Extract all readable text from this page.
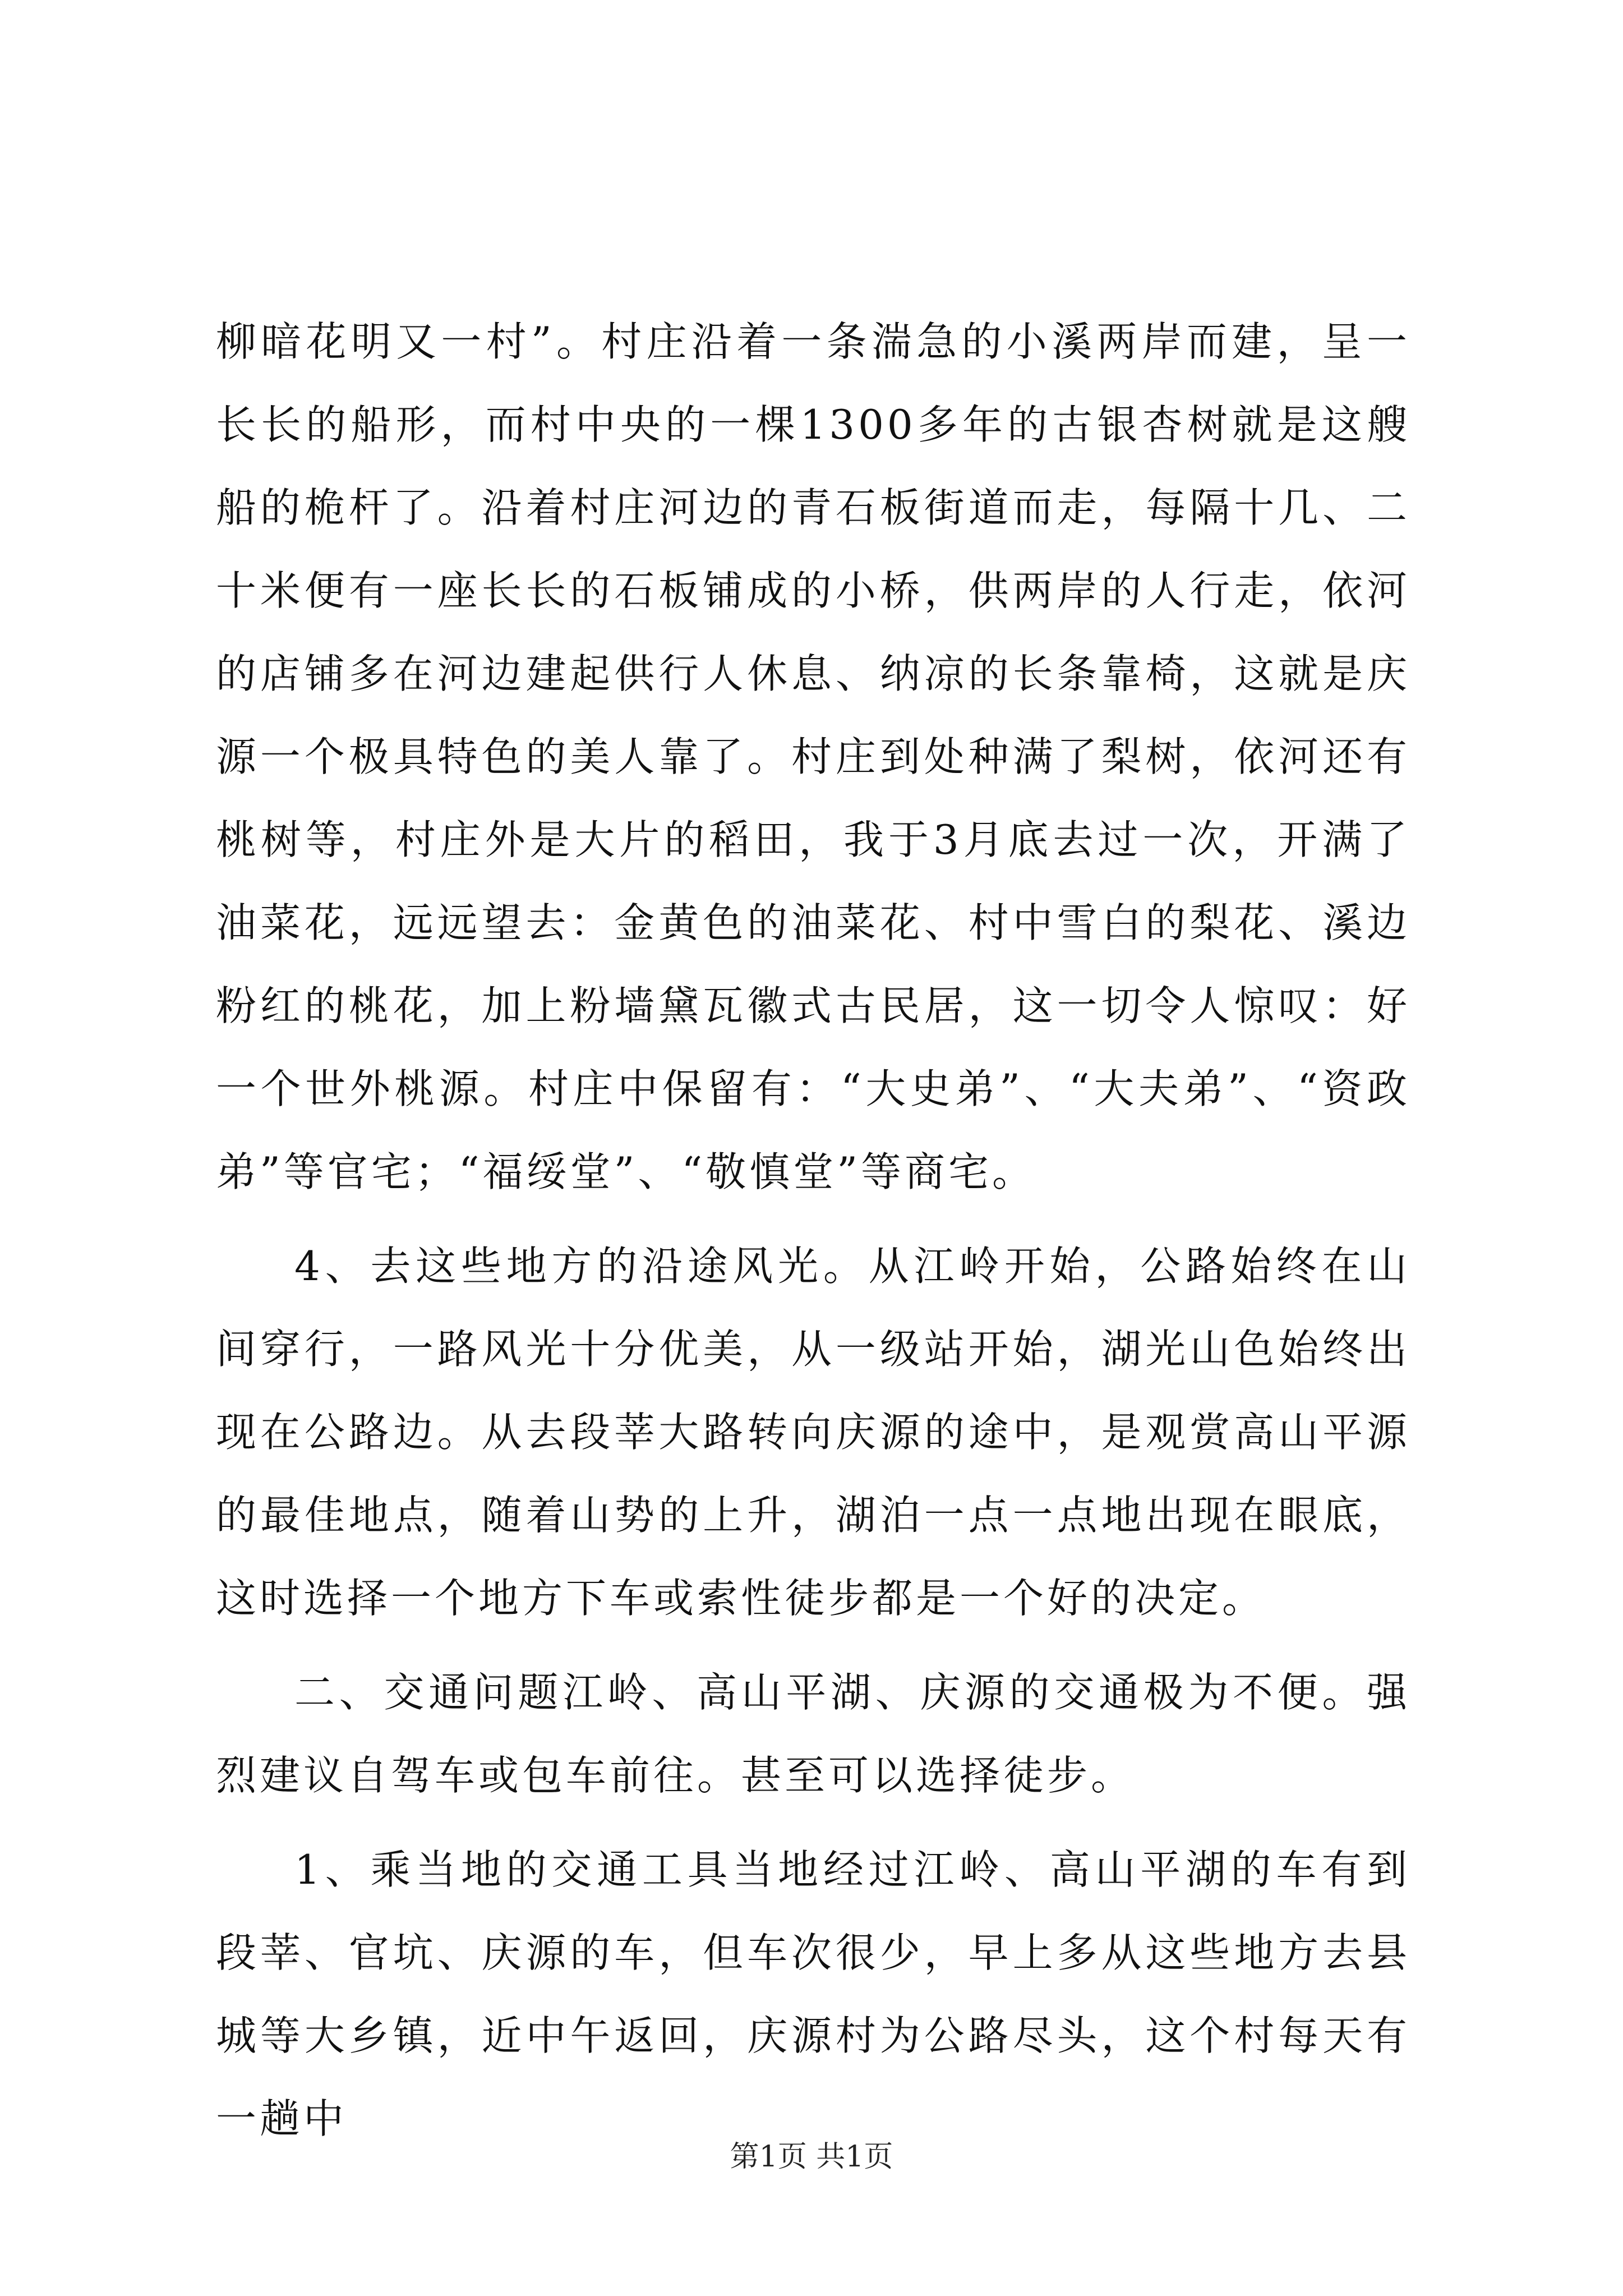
柳暗花明又一村”。村庄沿着一条湍急的小溪两岸而建，呈一长长的船形，而村中央的一棵1300多年的古银杏树就是这艘船的桅杆了。沿着村庄河边的青石板街道而走，每隔十几、二十米便有一座长长的石板铺成的小桥，供两岸的人行走，依河的店铺多在河边建起供行人休息、纳凉的长条靠椅，这就是庆源一个极具特色的美人靠了。村庄到处种满了梨树，依河还有桃树等，村庄外是大片的稻田，我于3月底去过一次，开满了油菜花，远远望去：金黄色的油菜花、村中雪白的梨花、溪边粉红的桃花，加上粉墙黛瓦徽式古民居，这一切令人惊叹：好一个世外桃源。村庄中保留有：“大史弟”、“大夫弟”、“资政弟”等官宅；“福绥堂”、“敬慎堂”等商宅。

4、去这些地方的沿途风光。从江岭开始，公路始终在山间穿行，一路风光十分优美，从一级站开始，湖光山色始终出现在公路边。从去段莘大路转向庆源的途中，是观赏高山平源的最佳地点，随着山势的上升，湖泊一点一点地出现在眼底，这时选择一个地方下车或索性徒步都是一个好的决定。

二、交通问题江岭、高山平湖、庆源的交通极为不便。强烈建议自驾车或包车前往。甚至可以选择徒步。

1、乘当地的交通工具当地经过江岭、高山平湖的车有到段莘、官坑、庆源的车，但车次很少，早上多从这些地方去县城等大乡镇，近中午返回，庆源村为公路尽头，这个村每天有一趟中

第1页 共1页
